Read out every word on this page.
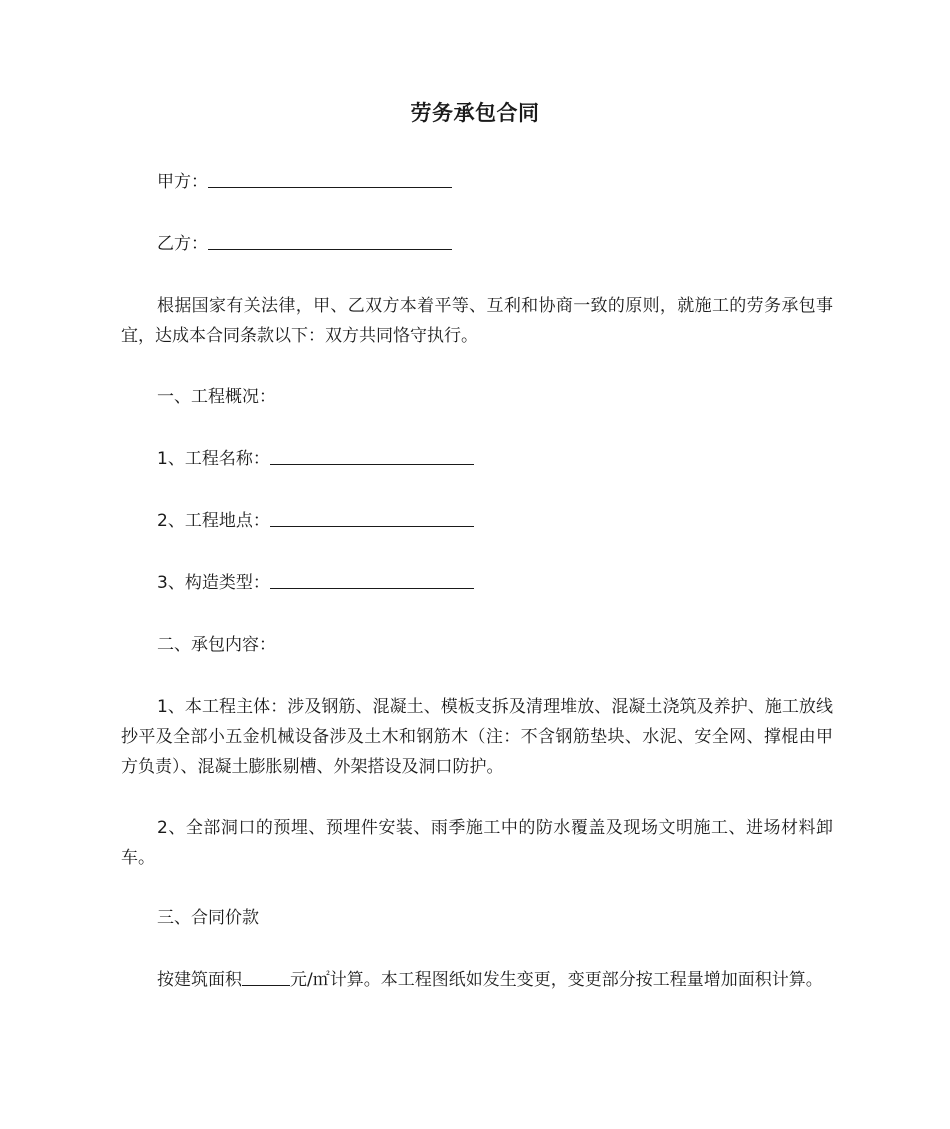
劳务承包合同
甲方：
乙方：
根据国家有关法律，甲、乙双方本着平等、互利和协商一致的原则，就施工的劳务承包事宜，达成本合同条款以下：双方共同恪守执行。
一、工程概况：
1、工程名称：
2、工程地点：
3、构造类型：
二、承包内容：
1、本工程主体：涉及钢筋、混凝土、模板支拆及清理堆放、混凝土浇筑及养护、施工放线抄平及全部小五金机械设备涉及土木和钢筋木（注：不含钢筋垫块、水泥、安全网、撑棍由甲方负责）、混凝土膨胀剔槽、外架搭设及洞口防护。
2、全部洞口的预埋、预埋件安装、雨季施工中的防水覆盖及现场文明施工、进场材料卸车。
三、合同价款
按建筑面积	元/㎡计算。本工程图纸如发生变更，变更部分按工程量增加面积计算。
